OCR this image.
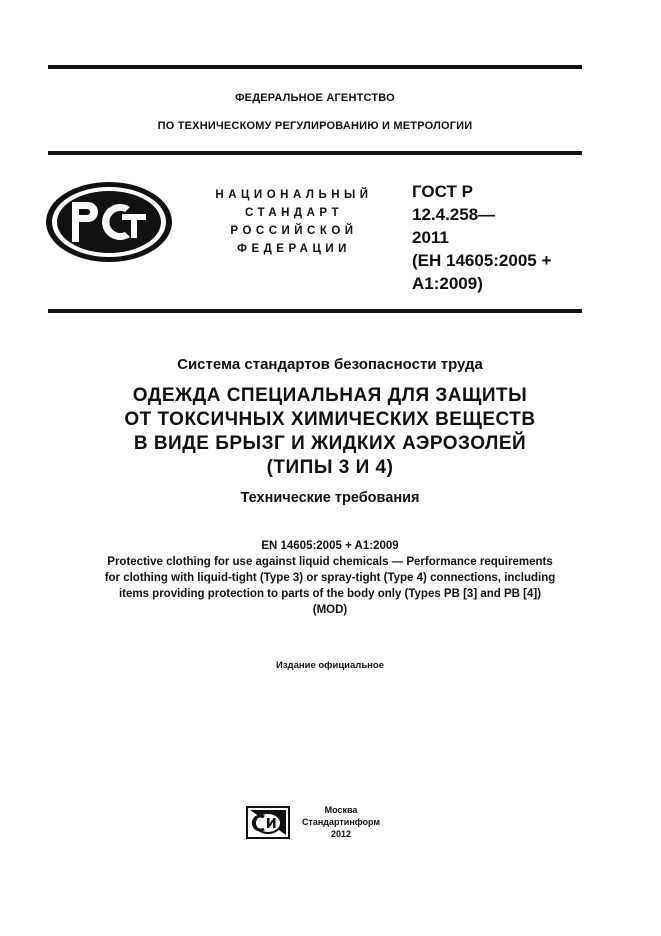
ФЕДЕРАЛЬНОЕ АГЕНТСТВО
ПО ТЕХНИЧЕСКОМУ РЕГУЛИРОВАНИЮ И МЕТРОЛОГИИ
НАЦИОНАЛЬНЫЙ
СТАНДАРТ
РОССИЙСКОЙ
ФЕДЕРАЦИИ
ГОСТ Р
12.4.258—
2011
(ЕН 14605:2005 +
А1:2009)
Система стандартов безопасности труда
ОДЕЖДА СПЕЦИАЛЬНАЯ ДЛЯ ЗАЩИТЫ
ОТ ТОКСИЧНЫХ ХИМИЧЕСКИХ ВЕЩЕСТВ
В ВИДЕ БРЫЗГ И ЖИДКИХ АЭРОЗОЛЕЙ
(ТИПЫ 3 И 4)
Технические требования
EN 14605:2005 + A1:2009
Protective clothing for use against liquid chemicals — Performance requirements
for clothing with liquid-tight (Type 3) or spray-tight (Type 4) connections, including
items providing protection to parts of the body only (Types PB [3] and PB [4])
(MOD)
Издание официальное
Москва
Стандартинформ
2012
